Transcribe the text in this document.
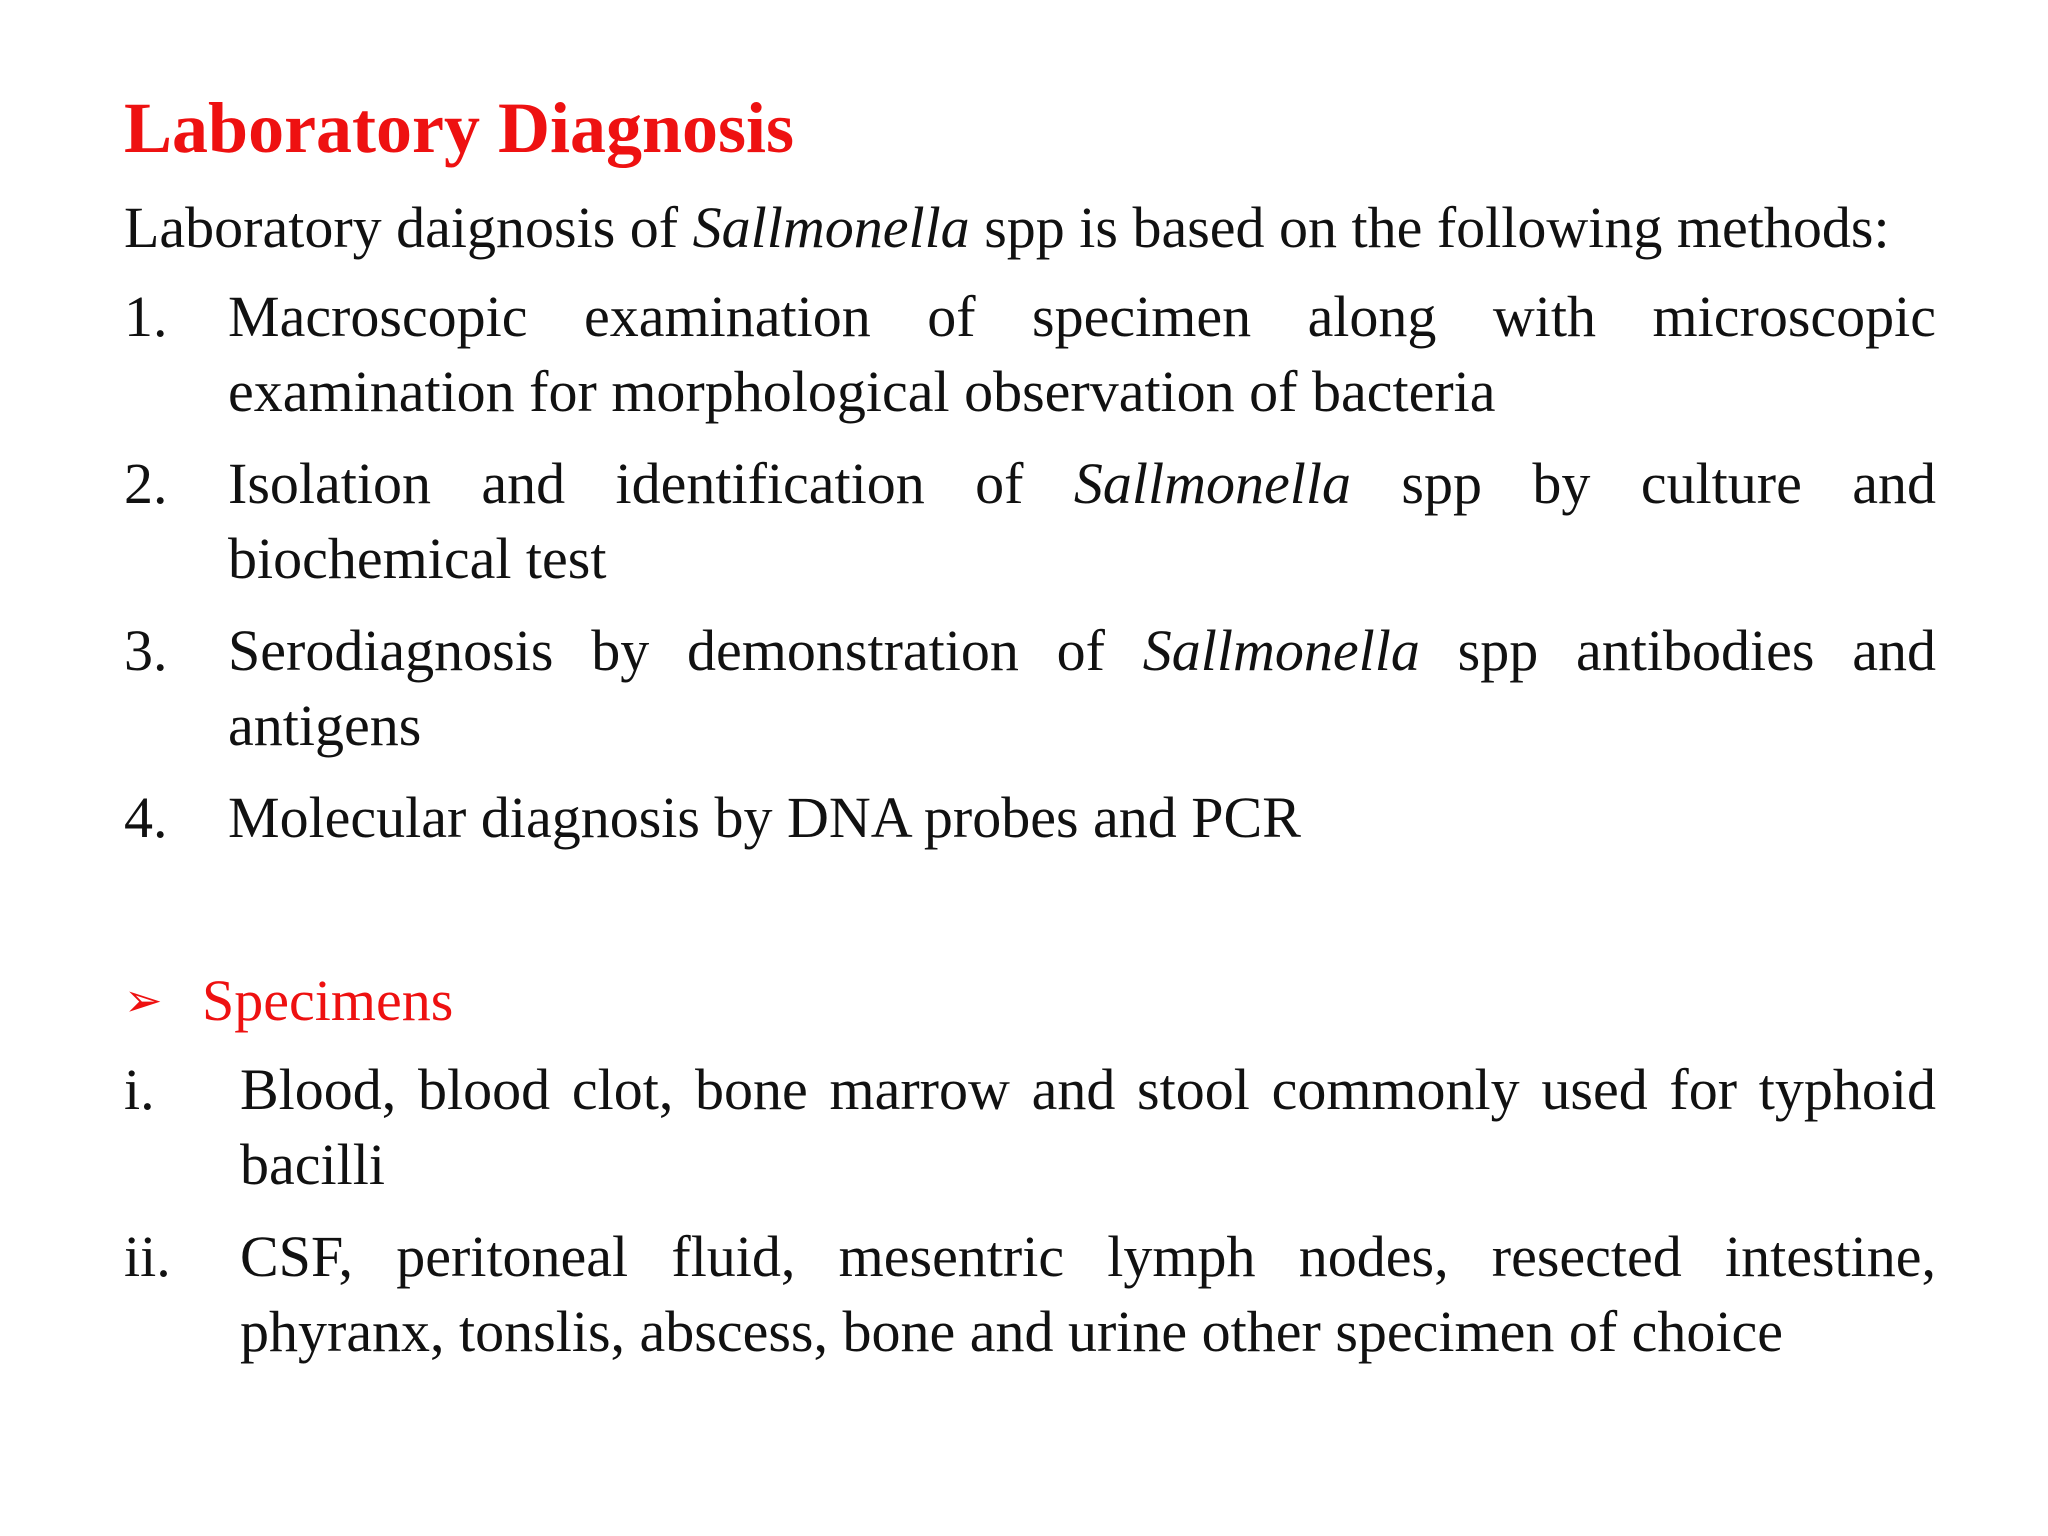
Laboratory Diagnosis

Laboratory daignosis of Sallmonella spp is based on the following methods:

1. Macroscopic examination of specimen along with microscopic examination for morphological observation of bacteria
2. Isolation and identification of Sallmonella spp by culture and biochemical test
3. Serodiagnosis by demonstration of Sallmonella spp antibodies and antigens
4. Molecular diagnosis by DNA probes and PCR
➢ Specimens
i. Blood, blood clot, bone marrow and stool commonly used for typhoid bacilli
ii. CSF, peritoneal fluid, mesentric lymph nodes, resected intestine, phyranx, tonslis, abscess, bone and urine other specimen of choice
